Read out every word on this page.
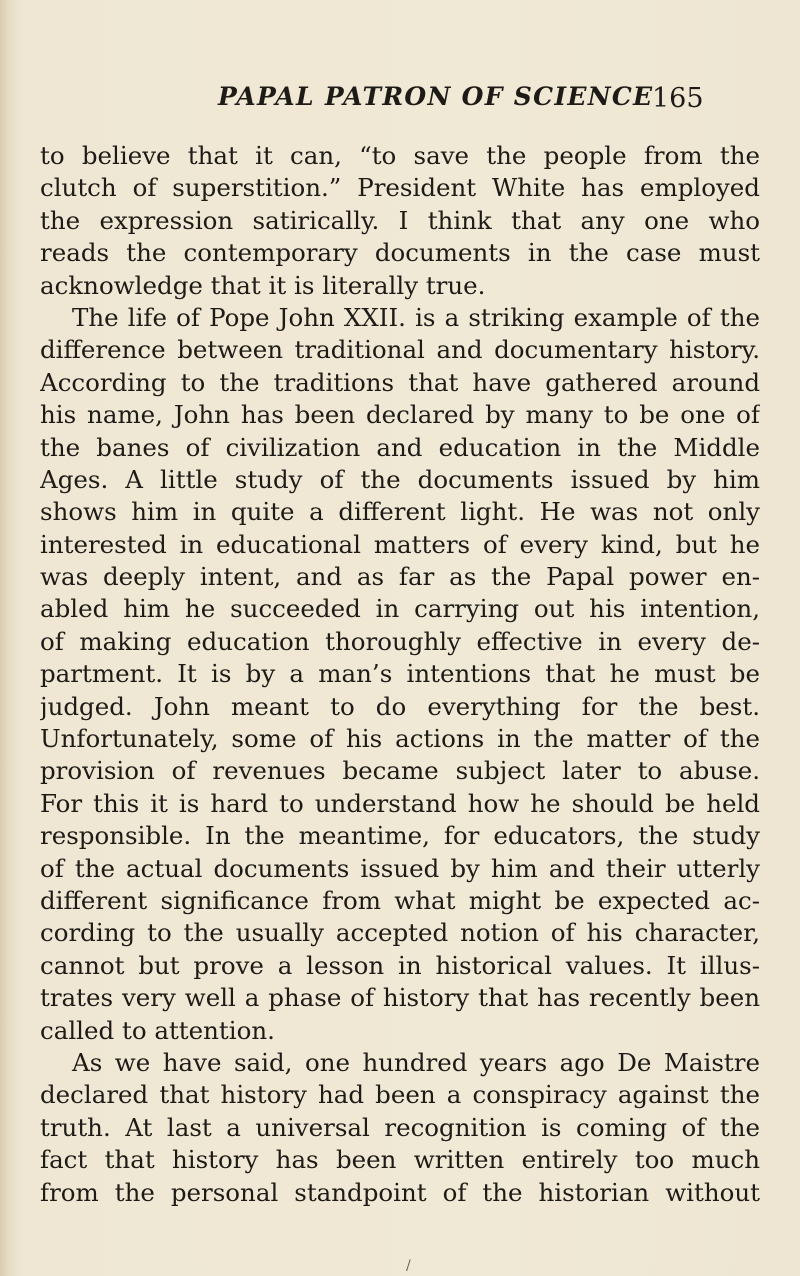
PAPAL PATRON OF SCIENCE
165
to believe that it can, “to save the people from the
clutch of superstition.” President White has employed
the expression satirically. I think that any one who
reads the contemporary documents in the case must
acknowledge that it is literally true.
The life of Pope John XXII. is a striking example of the
difference between traditional and documentary history.
According to the traditions that have gathered around
his name, John has been declared by many to be one of
the banes of civilization and education in the Middle
Ages. A little study of the documents issued by him
shows him in quite a different light. He was not only
interested in educational matters of every kind, but he
was deeply intent, and as far as the Papal power en-
abled him he succeeded in carrying out his intention,
of making education thoroughly effective in every de-
partment. It is by a man’s intentions that he must be
judged. John meant to do everything for the best.
Unfortunately, some of his actions in the matter of the
provision of revenues became subject later to abuse.
For this it is hard to understand how he should be held
responsible. In the meantime, for educators, the study
of the actual documents issued by him and their utterly
different significance from what might be expected ac-
cording to the usually accepted notion of his character,
cannot but prove a lesson in historical values. It illus-
trates very well a phase of history that has recently been
called to attention.
As we have said, one hundred years ago De Maistre
declared that history had been a conspiracy against the
truth. At last a universal recognition is coming of the
fact that history has been written entirely too much
from the personal standpoint of the historian without
/
